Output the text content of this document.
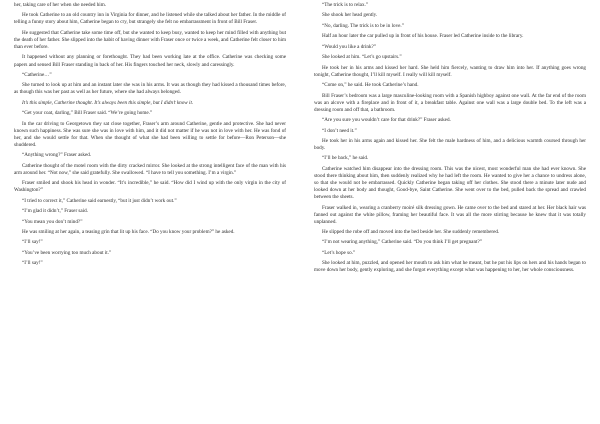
her, taking care of her when she needed him.

He took Catherine to an old country inn in Virginia for dinner, and he listened while she talked about her father. In the middle of telling a funny story about him, Catherine began to cry, but strangely she felt no embarrassment in front of Bill Fraser.

He suggested that Catherine take some time off, but she wanted to keep busy, wanted to keep her mind filled with anything but the death of her father. She slipped into the habit of having dinner with Fraser once or twice a week, and Catherine felt closer to him than ever before.

It happened without any planning or forethought. They had been working late at the office. Catherine was checking some papers and sensed Bill Fraser standing in back of her. His fingers touched her neck, slowly and caressingly.

“Catherine…”

She turned to look up at him and an instant later she was in his arms. It was as though they had kissed a thousand times before, as though this was her past as well as her future, where she had always belonged.

It’s this simple, Catherine thought. It’s always been this simple, but I didn’t know it.

“Get your coat, darling,” Bill Fraser said. “We’re going home.”

In the car driving to Georgetown they sat close together, Fraser’s arm around Catherine, gentle and protective. She had never known such happiness. She was sure she was in love with him, and it did not matter if he was not in love with her. He was fond of her, and she would settle for that. When she thought of what she had been willing to settle for before—Ron Peterson—she shuddered.

“Anything wrong?” Fraser asked.

Catherine thought of the motel room with the dirty cracked mirror. She looked at the strong intelligent face of the man with his arm around her. “Not now,” she said gratefully. She swallowed. “I have to tell you something. I’m a virgin.”

Fraser smiled and shook his head in wonder. “It’s incredible,” he said. “How did I wind up with the only virgin in the city of Washington?”

“I tried to correct it,” Catherine said earnestly, “but it just didn’t work out.”

“I’m glad it didn’t,” Fraser said.

“You mean you don’t mind?”

He was smiling at her again, a teasing grin that lit up his face. “Do you know your problem?” he asked.

“I’ll say!”

“You’ve been worrying too much about it.”

“I’ll say!”

“The trick is to relax.”

She shook her head gently.

“No, darling. The trick is to be in love.”

Half an hour later the car pulled up in front of his house. Fraser led Catherine inside to the library.

“Would you like a drink?”

She looked at him. “Let’s go upstairs.”

He took her in his arms and kissed her hard. She held him fiercely, wanting to draw him into her. If anything goes wrong tonight, Catherine thought, I’ll kill myself. I really will kill myself.

“Come on,” he said. He took Catherine’s hand.

Bill Fraser’s bedroom was a large masculine-looking room with a Spanish highboy against one wall. At the far end of the room was an alcove with a fireplace and in front of it, a breakfast table. Against one wall was a large double bed. To the left was a dressing room and off that, a bathroom.

“Are you sure you wouldn’t care for that drink?” Fraser asked.

“I don’t need it.”

He took her in his arms again and kissed her. She felt the male hardness of him, and a delicious warmth coursed through her body.

“I’ll be back,” he said.

Catherine watched him disappear into the dressing room. This was the nicest, most wonderful man she had ever known. She stood there thinking about him, then suddenly realized why he had left the room. He wanted to give her a chance to undress alone, so that she would not be embarrassed. Quickly Catherine began taking off her clothes. She stood there a minute later nude and looked down at her body and thought, Good-bye, Saint Catherine. She went over to the bed, pulled back the spread and crawled between the sheets.

Fraser walked in, wearing a cranberry moiré silk dressing gown. He came over to the bed and stared at her. Her black hair was fanned out against the white pillow, framing her beautiful face. It was all the more stirring because he knew that it was totally unplanned.

He slipped the robe off and moved into the bed beside her. She suddenly remembered.

“I’m not wearing anything,” Catherine said. “Do you think I’ll get pregnant?”

“Let’s hope so.”

She looked at him, puzzled, and opened her mouth to ask him what he meant, but he put his lips on hers and his hands began to move down her body, gently exploring, and she forgot everything except what was happening to her, her whole consciousness.
